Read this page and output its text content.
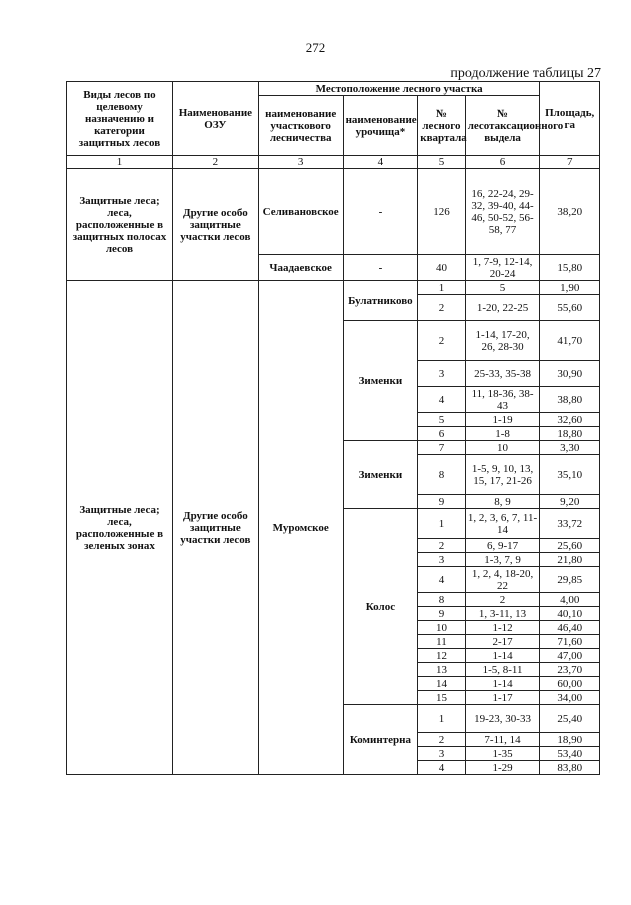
272
продолжение таблицы 27
Виды лесов по целевому назначению и категории защитных лесов	Наименование ОЗУ	Местоположение лесного участка				Площадь, га
		наименование участкового лесничества	наименование урочища*	№ лесного квартала	№ лесотаксационного выдела	
1	2	3	4	5	6	7
Защитные леса; леса, расположенные в защитных полосах лесов	Другие особо защитные участки лесов	Селивановское	-	126	16, 22-24, 29-32, 39-40, 44-46, 50-52, 56-58, 77	38,20
		Чаадаевское	-	40	1, 7-9, 12-14, 20-24	15,80
Защитные леса; леса, расположенные в зеленых зонах	Другие особо защитные участки лесов	Муромское	Булатниково	1	5	1,90
				2	1-20, 22-25	55,60
			Зименки	2	1-14, 17-20, 26, 28-30	41,70
				3	25-33, 35-38	30,90
				4	11, 18-36, 38-43	38,80
				5	1-19	32,60
				6	1-8	18,80
			Зименки	7	10	3,30
				8	1-5, 9, 10, 13, 15, 17, 21-26	35,10
				9	8, 9	9,20
			Колос	1	1, 2, 3, 6, 7, 11-14	33,72
				2	6, 9-17	25,60
				3	1-3, 7, 9	21,80
				4	1, 2, 4, 18-20, 22	29,85
				8	2	4,00
				9	1, 3-11, 13	40,10
				10	1-12	46,40
				11	2-17	71,60
				12	1-14	47,00
				13	1-5, 8-11	23,70
				14	1-14	60,00
				15	1-17	34,00
			Коминтерна	1	19-23, 30-33	25,40
				2	7-11, 14	18,90
				3	1-35	53,40
				4	1-29	83,80
